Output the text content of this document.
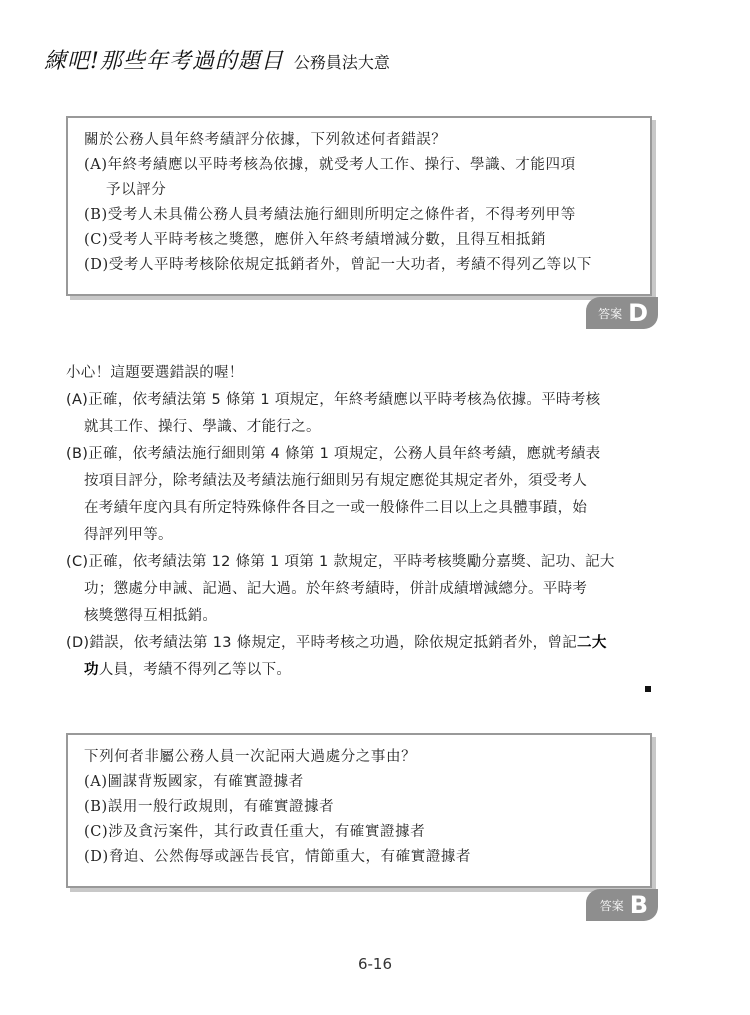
練吧!那些年考過的題目 公務員法大意
關於公務人員年終考績評分依據，下列敘述何者錯誤？
(A)年終考績應以平時考核為依據，就受考人工作、操行、學識、才能四項
予以評分
(B)受考人未具備公務人員考績法施行細則所明定之條件者，不得考列甲等
(C)受考人平時考核之獎懲，應併入年終考績增減分數，且得互相抵銷
(D)受考人平時考核除依規定抵銷者外，曾記一大功者，考績不得列乙等以下
答案 D
小心！這題要選錯誤的喔！
(A)正確，依考績法第 5 條第 1 項規定，年終考績應以平時考核為依據。平時考核
就其工作、操行、學識、才能行之。
(B)正確，依考績法施行細則第 4 條第 1 項規定，公務人員年終考績，應就考績表
按項目評分，除考績法及考績法施行細則另有規定應從其規定者外，須受考人
在考績年度內具有所定特殊條件各目之一或一般條件二目以上之具體事蹟，始
得評列甲等。
(C)正確，依考績法第 12 條第 1 項第 1 款規定，平時考核獎勵分嘉獎、記功、記大
功；懲處分申誡、記過、記大過。於年終考績時，併計成績增減總分。平時考
核獎懲得互相抵銷。
(D)錯誤，依考績法第 13 條規定，平時考核之功過，除依規定抵銷者外，曾記二大
功人員，考績不得列乙等以下。
下列何者非屬公務人員一次記兩大過處分之事由？
(A)圖謀背叛國家，有確實證據者
(B)誤用一般行政規則，有確實證據者
(C)涉及貪污案件，其行政責任重大，有確實證據者
(D)脅迫、公然侮辱或誣告長官，情節重大，有確實證據者
答案 B
6-16
